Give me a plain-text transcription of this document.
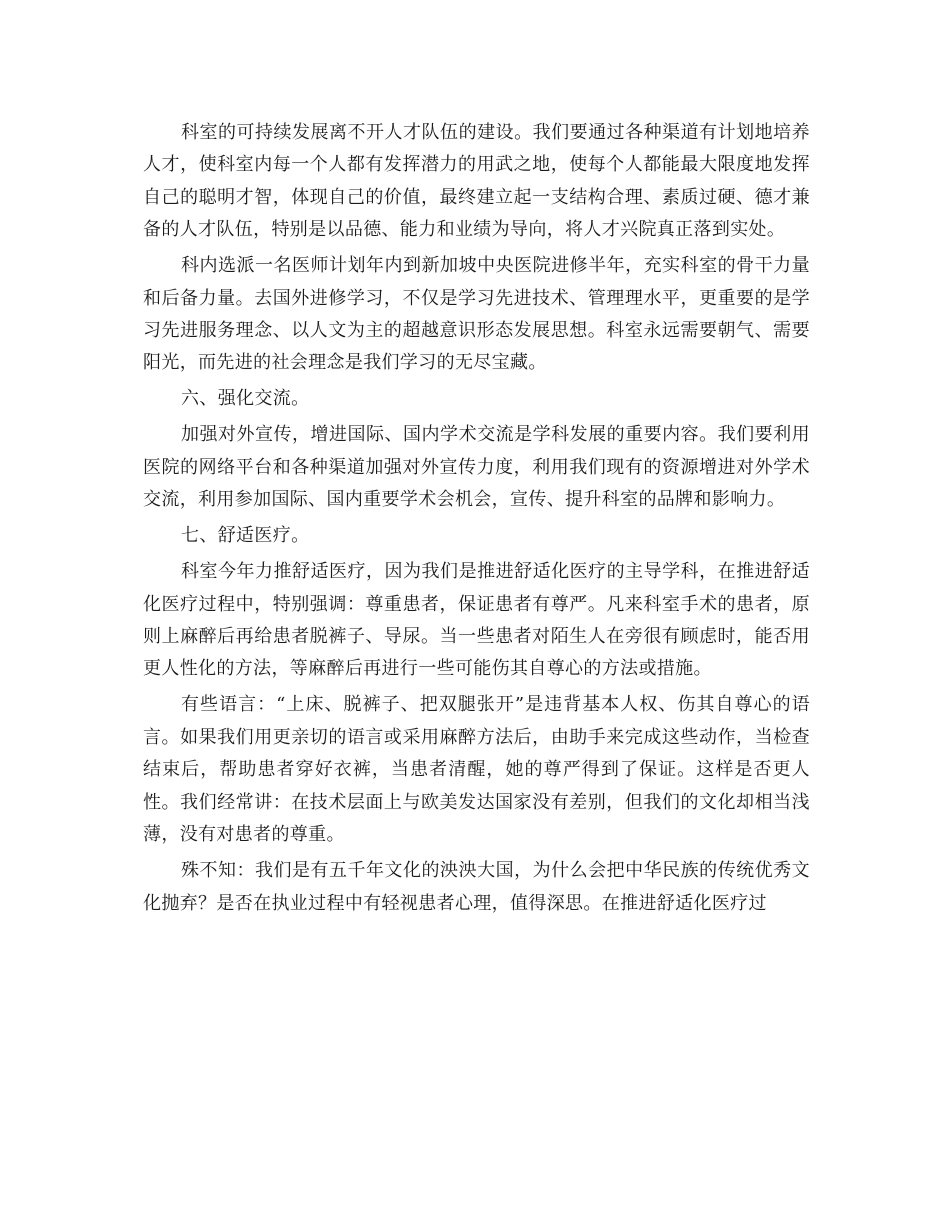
科室的可持续发展离不开人才队伍的建设。我们要通过各种渠道有计划地培养人才，使科室内每一个人都有发挥潜力的用武之地，使每个人都能最大限度地发挥自己的聪明才智，体现自己的价值，最终建立起一支结构合理、素质过硬、德才兼备的人才队伍，特别是以品德、能力和业绩为导向，将人才兴院真正落到实处。

科内选派一名医师计划年内到新加坡中央医院进修半年，充实科室的骨干力量和后备力量。去国外进修学习，不仅是学习先进技术、管理理水平，更重要的是学习先进服务理念、以人文为主的超越意识形态发展思想。科室永远需要朝气、需要阳光，而先进的社会理念是我们学习的无尽宝藏。

六、强化交流。

加强对外宣传，增进国际、国内学术交流是学科发展的重要内容。我们要利用医院的网络平台和各种渠道加强对外宣传力度，利用我们现有的资源增进对外学术交流，利用参加国际、国内重要学术会机会，宣传、提升科室的品牌和影响力。

七、舒适医疗。

科室今年力推舒适医疗，因为我们是推进舒适化医疗的主导学科，在推进舒适化医疗过程中，特别强调：尊重患者，保证患者有尊严。凡来科室手术的患者，原则上麻醉后再给患者脱裤子、导尿。当一些患者对陌生人在旁很有顾虑时，能否用更人性化的方法，等麻醉后再进行一些可能伤其自尊心的方法或措施。

有些语言：“上床、脱裤子、把双腿张开”是违背基本人权、伤其自尊心的语言。如果我们用更亲切的语言或采用麻醉方法后，由助手来完成这些动作，当检查结束后，帮助患者穿好衣裤，当患者清醒，她的尊严得到了保证。这样是否更人性。我们经常讲：在技术层面上与欧美发达国家没有差别，但我们的文化却相当浅薄，没有对患者的尊重。

殊不知：我们是有五千年文化的泱泱大国，为什么会把中华民族的传统优秀文化抛弃？是否在执业过程中有轻视患者心理，值得深思。在推进舒适化医疗过
